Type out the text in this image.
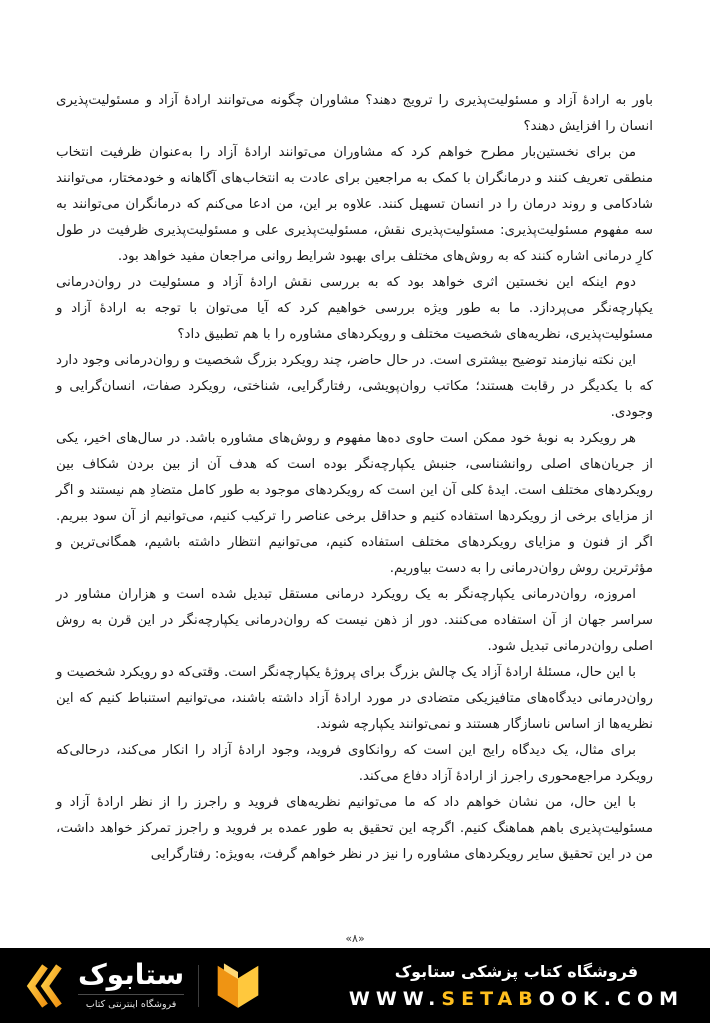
باور به ارادهٔ آزاد و مسئولیت‌پذیری را ترویج دهند؟ مشاوران چگونه می‌توانند ارادهٔ آزاد و مسئولیت‌پذیری انسان را افزایش دهند؟

من برای نخستین‌بار مطرح خواهم کرد که مشاوران می‌توانند ارادهٔ آزاد را به‌عنوان ظرفیت انتخاب منطقی تعریف کنند و درمانگران با کمک به مراجعین برای عادت به انتخاب‌های آگاهانه و خودمختار، می‌توانند شادکامی و روند درمان را در انسان تسهیل کنند. علاوه بر این، من ادعا می‌کنم که درمانگران می‌توانند به سه مفهوم مسئولیت‌پذیری: مسئولیت‌پذیری نقش، مسئولیت‌پذیری علی و مسئولیت‌پذیری ظرفیت در طول کارِ درمانی اشاره کنند که به روش‌های مختلف برای بهبود شرایط روانی مراجعان مفید خواهد بود.

دوم اینکه این نخستین اثری خواهد بود که به بررسی نقش ارادهٔ آزاد و مسئولیت در روان‌درمانی یکپارچه‌نگر می‌پردازد. ما به طور ویژه بررسی خواهیم کرد که آیا می‌توان با توجه به ارادهٔ آزاد و مسئولیت‌پذیری، نظریه‌های شخصیت مختلف و رویکردهای مشاوره را با هم تطبیق داد؟

این نکته نیازمند توضیح بیشتری است. در حال حاضر، چند رویکرد بزرگ شخصیت و روان‌درمانی وجود دارد که با یکدیگر در رقابت هستند؛ مکاتب روان‌پویشی، رفتارگرایی، شناختی، رویکرد صفات، انسان‌گرایی و وجودی.

هر رویکرد به نوبهٔ خود ممکن است حاوی ده‌ها مفهوم و روش‌های مشاوره باشد. در سال‌های اخیر، یکی از جریان‌های اصلی روانشناسی، جنبش یکپارچه‌نگر بوده است که هدف آن از بین بردن شکاف بین رویکردهای مختلف است. ایدهٔ کلی آن این است که رویکردهای موجود به طور کامل متضادِ هم نیستند و اگر از مزایای برخی از رویکردها استفاده کنیم و حداقل برخی عناصر را ترکیب کنیم، می‌توانیم از آن سود ببریم. اگر از فنون و مزایای رویکردهای مختلف استفاده کنیم، می‌توانیم انتظار داشته باشیم، همگانی‌ترین و مؤثرترین روش روان‌درمانی را به دست بیاوریم.

امروزه، روان‌درمانی یکپارچه‌نگر به یک رویکرد درمانی مستقل تبدیل شده است و هزاران مشاور در سراسر جهان از آن استفاده می‌کنند. دور از ذهن نیست که روان‌درمانی یکپارچه‌نگر در این قرن به روش اصلی روان‌درمانی تبدیل شود.

با این حال، مسئلهٔ ارادهٔ آزاد یک چالش بزرگ برای پروژهٔ یکپارچه‌نگر است. وقتی‌که دو رویکرد شخصیت و روان‌درمانی دیدگاه‌های متافیزیکی متضادی در مورد ارادهٔ آزاد داشته باشند، می‌توانیم استنباط کنیم که این نظریه‌ها از اساس ناسازگار هستند و نمی‌توانند یکپارچه شوند.

برای مثال، یک دیدگاه رایج این است که روانکاوی فروید، وجود ارادهٔ آزاد را انکار می‌کند، درحالی‌که رویکرد مراجع‌محوری راجرز از ارادهٔ آزاد دفاع می‌کند.

با این حال، من نشان خواهم داد که ما می‌توانیم نظریه‌های فروید و راجرز را از نظر ارادهٔ آزاد و مسئولیت‌پذیری باهم هماهنگ کنیم. اگرچه این تحقیق به طور عمده بر فروید و راجرز تمرکز خواهد داشت، من در این تحقیق سایر رویکردهای مشاوره را نیز در نظر خواهم گرفت، به‌ویژه: رفتارگرایی

«۸»
ستابوک
فروشگاه اینترنتی کتاب
فروشگاه کتاب پزشکی ستابوک
WWW.SETABOOK.COM
